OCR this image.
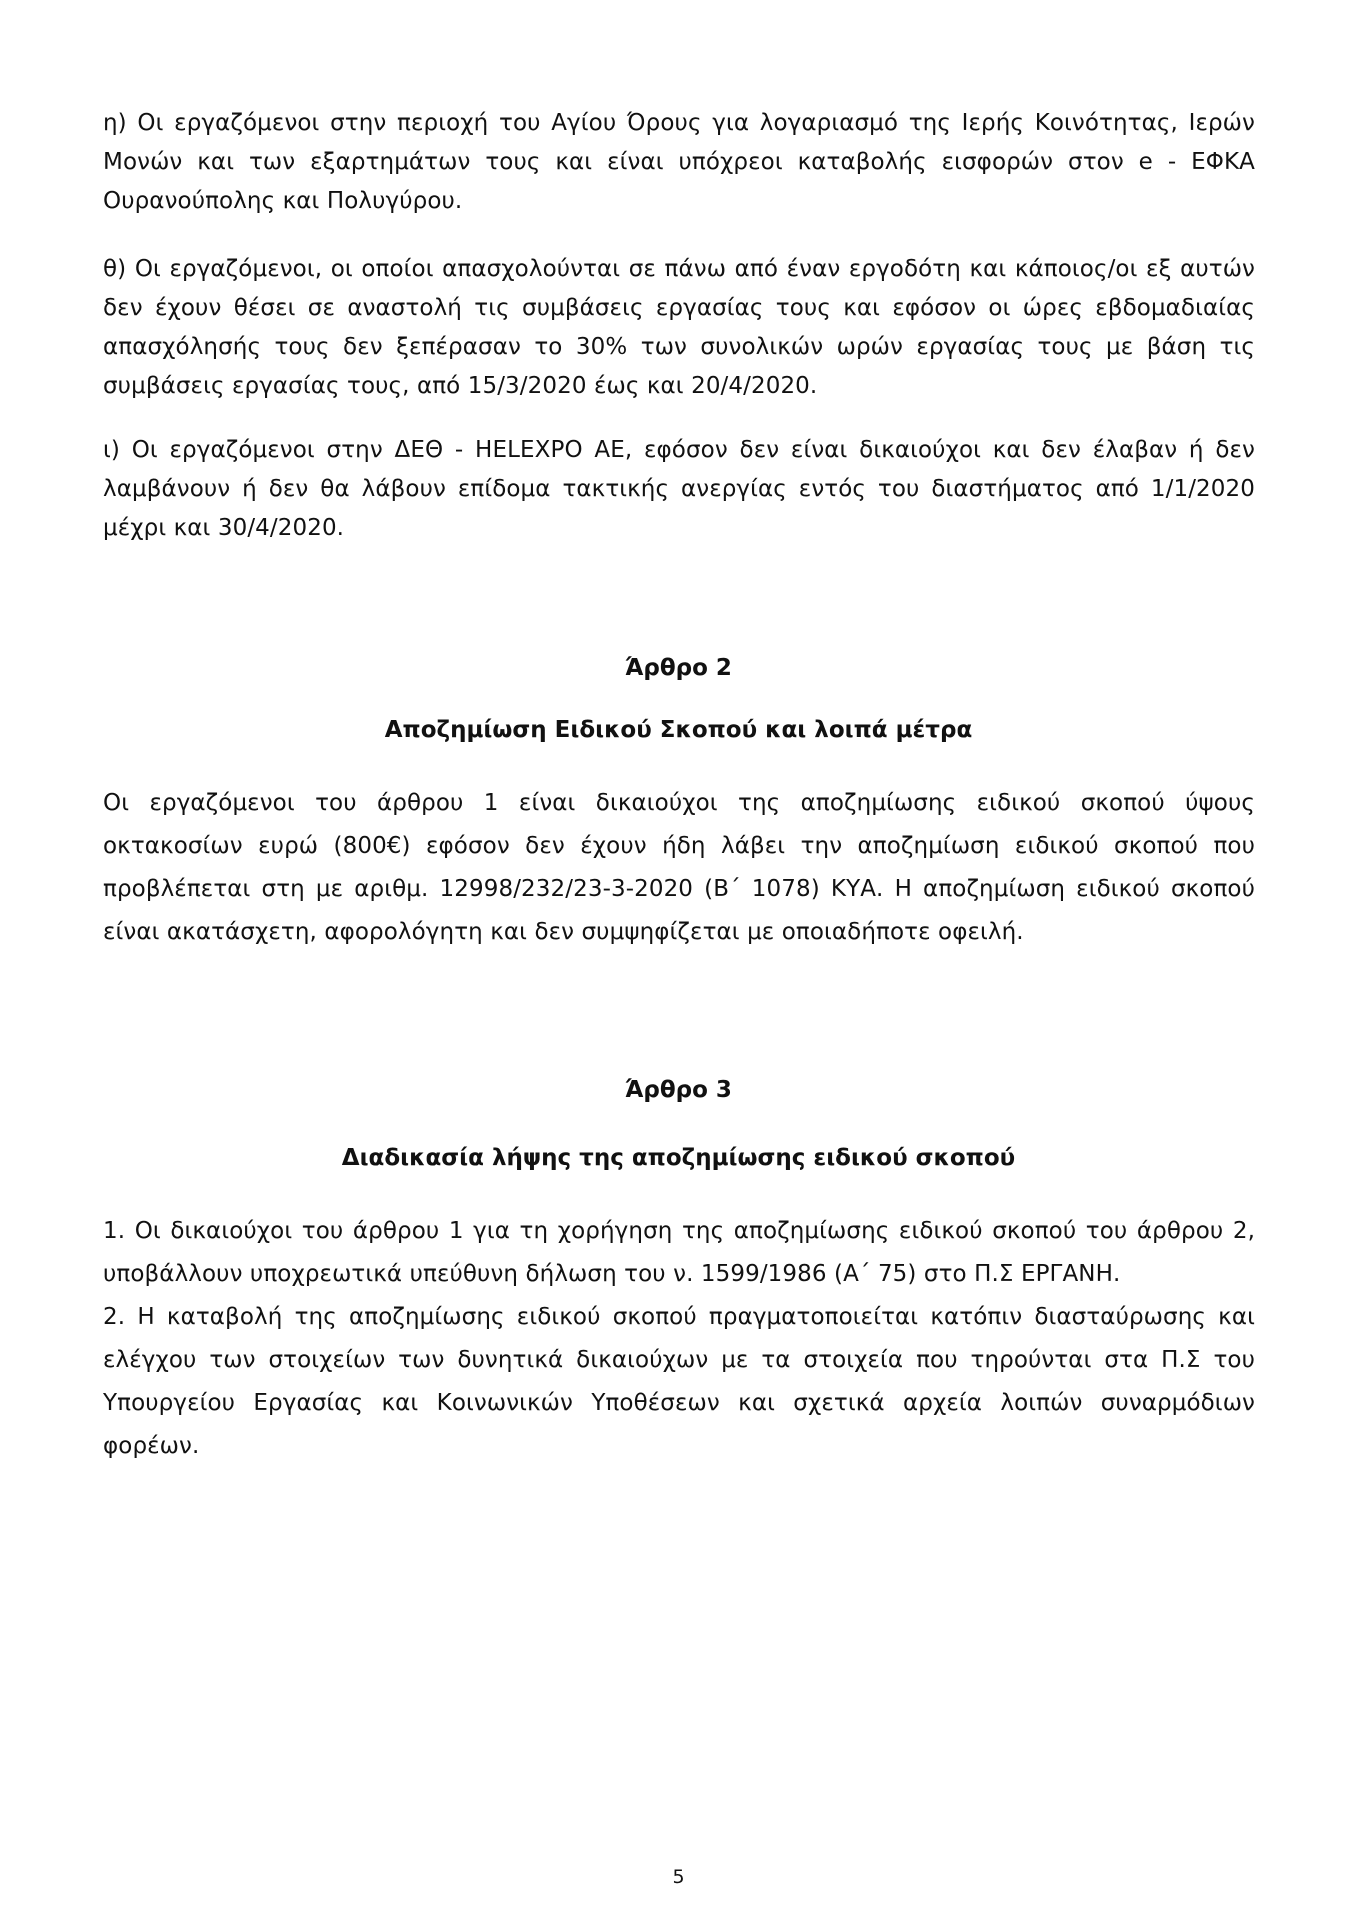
η) Οι εργαζόμενοι στην περιοχή του Αγίου Όρους για λογαριασμό της Ιερής Κοινότητας, Ιερών Μονών και των εξαρτημάτων τους και είναι υπόχρεοι καταβολής εισφορών στον e - ΕΦΚΑ Ουρανούπολης και Πολυγύρου.

θ) Οι εργαζόμενοι, οι οποίοι απασχολούνται σε πάνω από έναν εργοδότη και κάποιος/οι εξ αυτών δεν έχουν θέσει σε αναστολή τις συμβάσεις εργασίας τους και εφόσον οι ώρες εβδομαδιαίας απασχόλησής τους δεν ξεπέρασαν το 30% των συνολικών ωρών εργασίας τους με βάση τις συμβάσεις εργασίας τους, από 15/3/2020 έως και 20/4/2020.

ι) Οι εργαζόμενοι στην ΔΕΘ - HELEXPO AE, εφόσον δεν είναι δικαιούχοι και δεν έλαβαν ή δεν λαμβάνουν ή δεν θα λάβουν επίδομα τακτικής ανεργίας εντός του διαστήματος από 1/1/2020 μέχρι και 30/4/2020.

Άρθρο 2
Αποζημίωση Ειδικού Σκοπού και λοιπά μέτρα

Οι εργαζόμενοι του άρθρου 1 είναι δικαιούχοι της αποζημίωσης ειδικού σκοπού ύψους οκτακοσίων ευρώ (800€) εφόσον δεν έχουν ήδη λάβει την αποζημίωση ειδικού σκοπού που προβλέπεται στη με αριθμ. 12998/232/23-3-2020 (Β΄ 1078) ΚΥΑ. Η αποζημίωση ειδικού σκοπού είναι ακατάσχετη, αφορολόγητη και δεν συμψηφίζεται με οποιαδήποτε οφειλή.

Άρθρο 3
Διαδικασία λήψης της αποζημίωσης ειδικού σκοπού
1. Οι δικαιούχοι του άρθρου 1 για τη χορήγηση της αποζημίωσης ειδικού σκοπού του άρθρου 2, υποβάλλουν υποχρεωτικά υπεύθυνη δήλωση του ν. 1599/1986 (Α΄ 75) στο Π.Σ ΕΡΓΑΝΗ.
2. Η καταβολή της αποζημίωσης ειδικού σκοπού πραγματοποιείται κατόπιν διασταύρωσης και ελέγχου των στοιχείων των δυνητικά δικαιούχων με τα στοιχεία που τηρούνται στα Π.Σ του Υπουργείου Εργασίας και Κοινωνικών Υποθέσεων και σχετικά αρχεία λοιπών συναρμόδιων φορέων.

5
